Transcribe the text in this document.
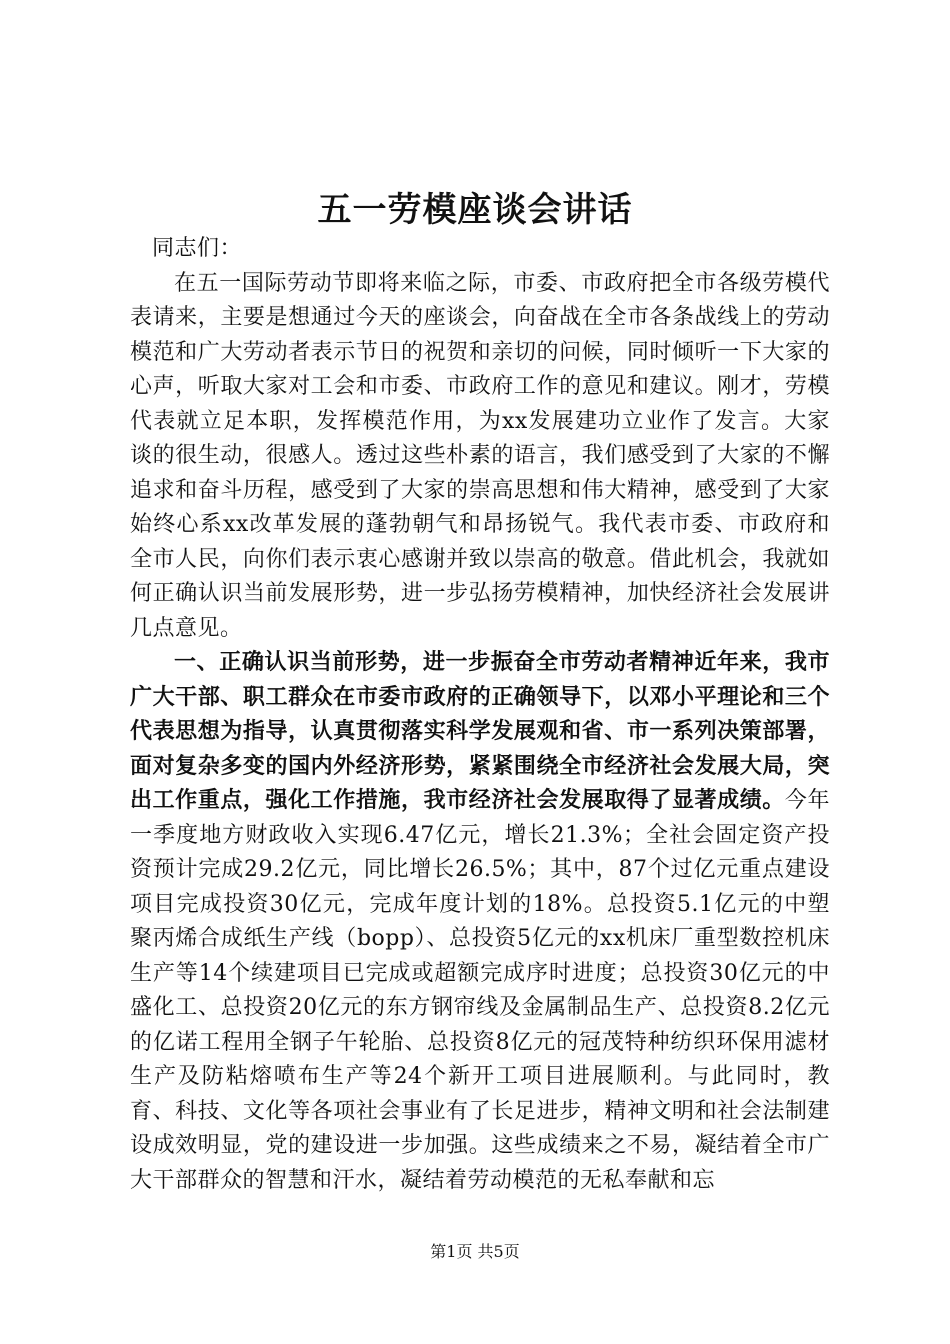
五一劳模座谈会讲话

同志们：

在五一国际劳动节即将来临之际，市委、市政府把全市各级劳模代表请来，主要是想通过今天的座谈会，向奋战在全市各条战线上的劳动模范和广大劳动者表示节日的祝贺和亲切的问候，同时倾听一下大家的心声，听取大家对工会和市委、市政府工作的意见和建议。刚才，劳模代表就立足本职，发挥模范作用，为xx发展建功立业作了发言。大家谈的很生动，很感人。透过这些朴素的语言，我们感受到了大家的不懈追求和奋斗历程，感受到了大家的崇高思想和伟大精神，感受到了大家始终心系xx改革发展的蓬勃朝气和昂扬锐气。我代表市委、市政府和全市人民，向你们表示衷心感谢并致以崇高的敬意。借此机会，我就如何正确认识当前发展形势，进一步弘扬劳模精神，加快经济社会发展讲几点意见。

一、正确认识当前形势，进一步振奋全市劳动者精神近年来，我市广大干部、职工群众在市委市政府的正确领导下，以邓小平理论和三个代表思想为指导，认真贯彻落实科学发展观和省、市一系列决策部署，面对复杂多变的国内外经济形势，紧紧围绕全市经济社会发展大局，突出工作重点，强化工作措施，我市经济社会发展取得了显著成绩。今年一季度地方财政收入实现6.47亿元，增长21.3%；全社会固定资产投资预计完成29.2亿元，同比增长26.5%；其中，87个过亿元重点建设项目完成投资30亿元，完成年度计划的18%。总投资5.1亿元的中塑聚丙烯合成纸生产线（bopp）、总投资5亿元的xx机床厂重型数控机床生产等14个续建项目已完成或超额完成序时进度；总投资30亿元的中盛化工、总投资20亿元的东方钢帘线及金属制品生产、总投资8.2亿元的亿诺工程用全钢子午轮胎、总投资8亿元的冠茂特种纺织环保用滤材生产及防粘熔喷布生产等24个新开工项目进展顺利。与此同时，教育、科技、文化等各项社会事业有了长足进步，精神文明和社会法制建设成效明显，党的建设进一步加强。这些成绩来之不易，凝结着全市广大干部群众的智慧和汗水，凝结着劳动模范的无私奉献和忘

第1页 共5页
